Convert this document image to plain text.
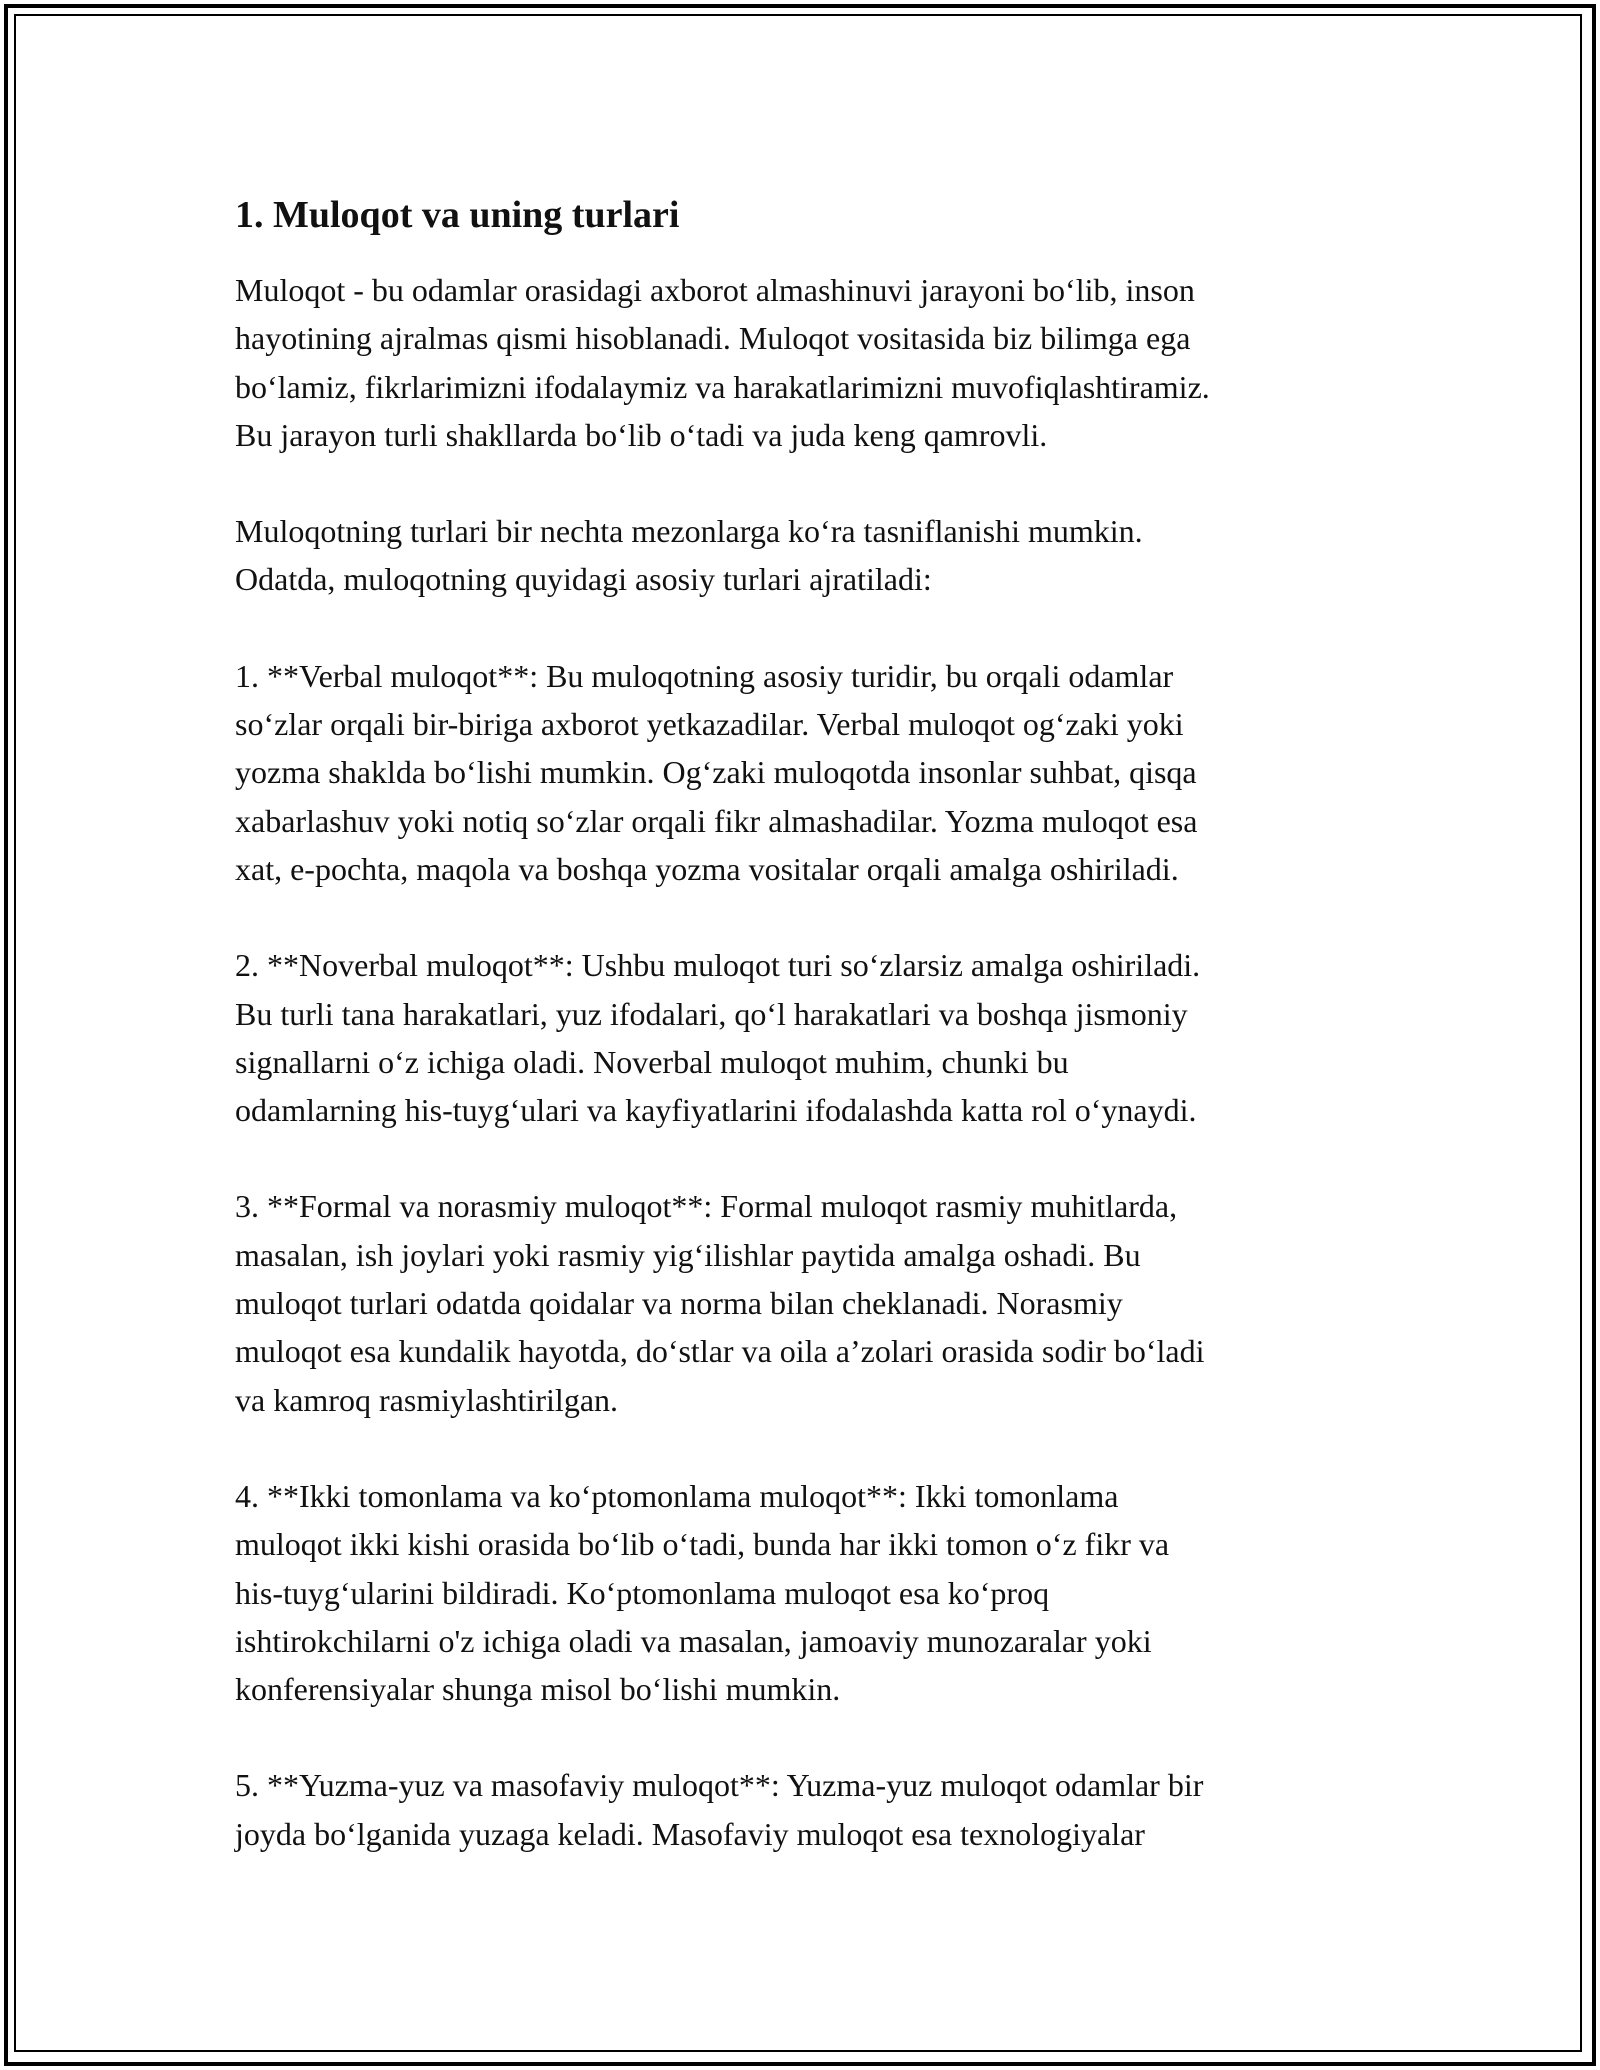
1. Muloqot va uning turlari

Muloqot - bu odamlar orasidagi axborot almashinuvi jarayoni bo‘lib, inson
hayotining ajralmas qismi hisoblanadi. Muloqot vositasida biz bilimga ega
bo‘lamiz, fikrlarimizni ifodalaymiz va harakatlarimizni muvofiqlashtiramiz.
Bu jarayon turli shakllarda bo‘lib o‘tadi va juda keng qamrovli.

Muloqotning turlari bir nechta mezonlarga ko‘ra tasniflanishi mumkin.
Odatda, muloqotning quyidagi asosiy turlari ajratiladi:

1. **Verbal muloqot**: Bu muloqotning asosiy turidir, bu orqali odamlar
so‘zlar orqali bir-biriga axborot yetkazadilar. Verbal muloqot og‘zaki yoki
yozma shaklda bo‘lishi mumkin. Og‘zaki muloqotda insonlar suhbat, qisqa
xabarlashuv yoki notiq so‘zlar orqali fikr almashadilar. Yozma muloqot esa
xat, e-pochta, maqola va boshqa yozma vositalar orqali amalga oshiriladi.

2. **Noverbal muloqot**: Ushbu muloqot turi so‘zlarsiz amalga oshiriladi.
Bu turli tana harakatlari, yuz ifodalari, qo‘l harakatlari va boshqa jismoniy
signallarni o‘z ichiga oladi. Noverbal muloqot muhim, chunki bu
odamlarning his-tuyg‘ulari va kayfiyatlarini ifodalashda katta rol o‘ynaydi.

3. **Formal va norasmiy muloqot**: Formal muloqot rasmiy muhitlarda,
masalan, ish joylari yoki rasmiy yig‘ilishlar paytida amalga oshadi. Bu
muloqot turlari odatda qoidalar va norma bilan cheklanadi. Norasmiy
muloqot esa kundalik hayotda, do‘stlar va oila a’zolari orasida sodir bo‘ladi
va kamroq rasmiylashtirilgan.

4. **Ikki tomonlama va ko‘ptomonlama muloqot**: Ikki tomonlama
muloqot ikki kishi orasida bo‘lib o‘tadi, bunda har ikki tomon o‘z fikr va
his-tuyg‘ularini bildiradi. Ko‘ptomonlama muloqot esa ko‘proq
ishtirokchilarni o'z ichiga oladi va masalan, jamoaviy munozaralar yoki
konferensiyalar shunga misol bo‘lishi mumkin.

5. **Yuzma-yuz va masofaviy muloqot**: Yuzma-yuz muloqot odamlar bir
joyda bo‘lganida yuzaga keladi. Masofaviy muloqot esa texnologiyalar
